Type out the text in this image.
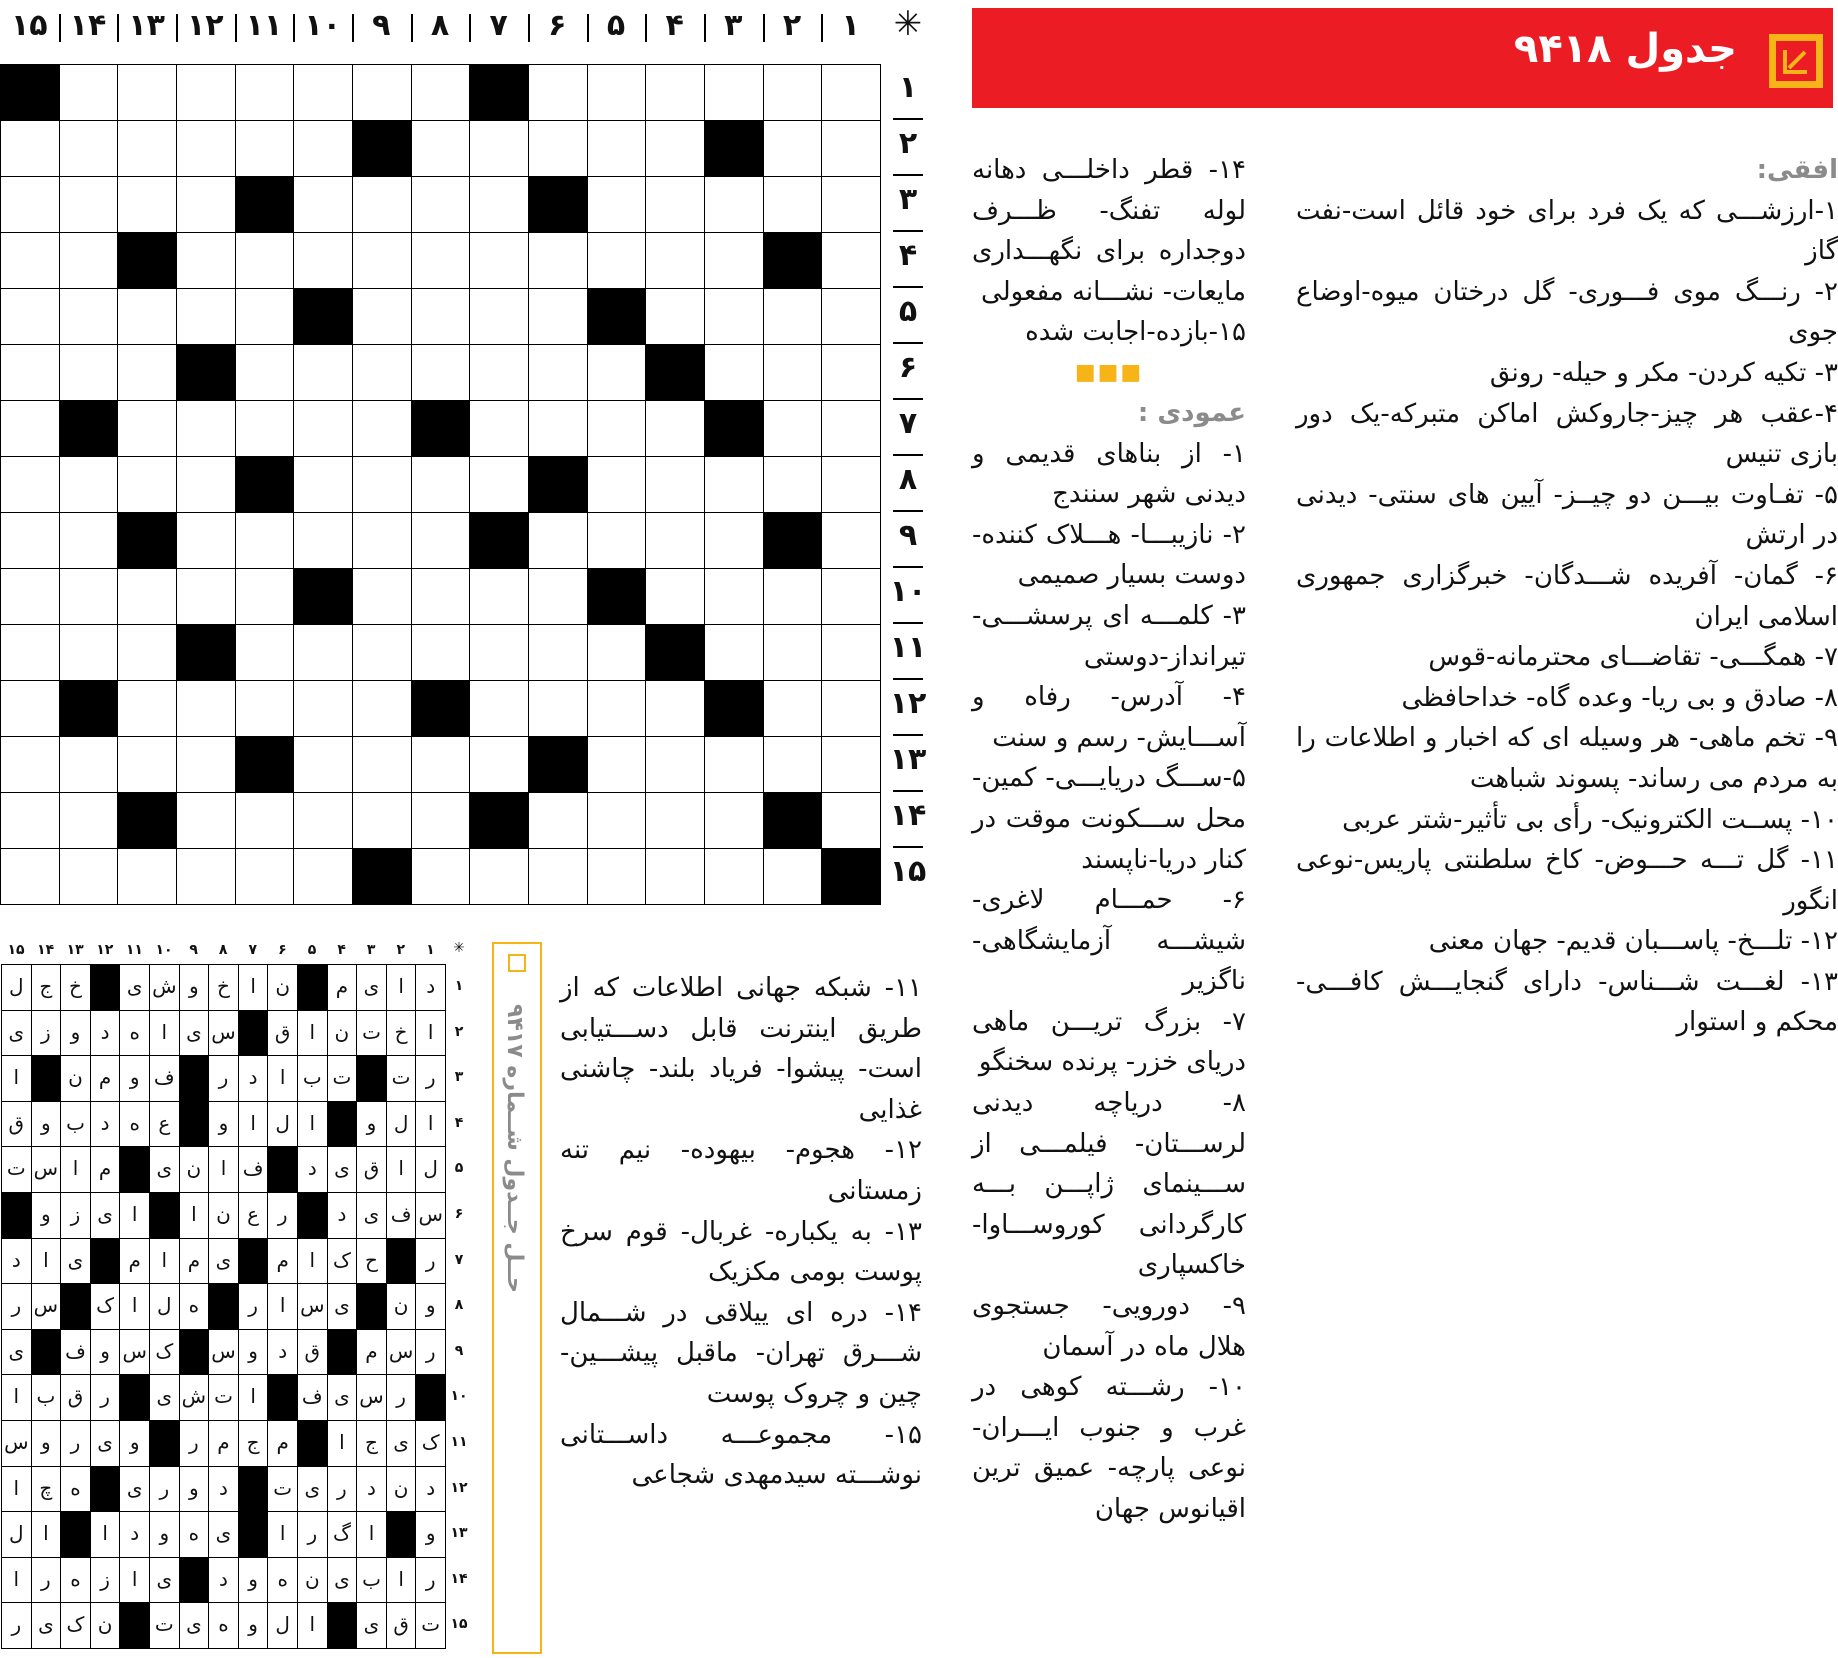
جدول ۹۴۱۸
✳
۱
۲
۳
۴
۵
۶
۷
۸
۹
۱۰
۱۱
۱۲
۱۳
۱۴
۱۵
۱
۲
۳
۴
۵
۶
۷
۸
۹
۱۰
۱۱
۱۲
۱۳
۱۴
۱۵

افقی:

۱-ارزشـــی که یک فرد برای خود قائل است-نفت گاز

۲- رنـــگ موی فـــوری- گل درختان میوه-اوضاع جوی

۳- تکیه کردن- مکر و حیله- رونق

۴-عقب هر چیز-جاروکش اماکن متبرکه-یک دور بازی تنیس

۵- تفـاوت بیـــن دو چیــز- آیین های سنتی- دیدنی در ارتش

۶- گمان- آفریده شـــدگان- خبرگزاری جمهوری اسلامی ایران

۷- همگـــی- تقاضـــای محترمانه-قوس

۸- صادق و بی ریا- وعده گاه- خداحافظی

۹- تخم ماهی- هر وسیله ای که اخبار و اطلاعات را به مردم می رساند- پسوند شباهت

۱۰- پســت الکترونیک- رأی بی تأثیر-شتر عربی

۱۱- گل تـــه حـــوض- کاخ سلطنتی پاریس-نوعی انگور

۱۲- تلـــخ- پاســـبان قدیم- جهان معنی

۱۳- لغـــت شـــناس- دارای گنجایـــش کافـــی- محکم و استوار

۱۴- قطر داخلـــی دهانه لوله تفنگ- ظـــرف دوجداره برای نگهـــداری مایعات- نشـــانه مفعولی

۱۵-بازده-اجابت شده

■■■

عمودی :

۱- از بناهای قدیمی و دیدنی شهر سنندج

۲- نازیبـــا- هـــلاک کننده- دوست بسیار صمیمی

۳- کلمـــه ای پرسشـــی- تیرانداز-دوستی

۴- آدرس- رفاه و آســـایش- رسم و سنت

۵-ســـگ دریایـــی- کمین- محل ســـکونت موقت در کنار دریا-ناپسند

۶- حمـــام لاغری- شیشـــه آزمایشگاهی-ناگزیر

۷- بزرگ تریـــن ماهی دریای خزر- پرنده سخنگو

۸- دریاچه دیدنی لرســـتان- فیلمـــی از ســـینمای ژاپـــن بـــه کارگردانی کوروســـاوا- خاکسپاری

۹- دورویی- جستجوی هلال ماه در آسمان

۱۰- رشـــته کوهی در غرب و جنوب ایـــران- نوعی پارچه- عمیق ترین اقیانوس جهان

۱۱- شبکه جهانی اطلاعات که از طریق اینترنت قابل دســـتیابی است- پیشوا- فریاد بلند- چاشنی غذایی

۱۲- هجوم- بیهوده- نیم تنه زمستانی

۱۳- به یکباره- غربال- قوم سرخ پوست بومی مکزیک

۱۴- دره ای ییلاقی در شـــمال شـــرق تهران- ماقبل پیشـــین- چین و چروک پوست

۱۵- مجموعـــه داســـتانی نوشـــته سیدمهدی شجاعی

حــل جــدول شــماره ۹۴۱۷
۱
۲
۳
۴
۵
۶
۷
۸
۹
۱۰
۱۱
۱۲
۱۳
۱۴
۱۵	✳
۱
۲
۳
۴
۵
۶
۷
۸
۹
۱۰
۱۱
۱۲
۱۳
۱۴
۱۵
د
ا
ی
م
ن
ا
خ
و
ش
ی
خ
ج
ل
ا
خ
ت
ن
ا
ق
س
ی
ا
ه
د
و
ز
ی
ر
ت
ت
ب
ا
د
ر
ف
و
م
ن
ا
ا
ل
و
ا
ل
ا
و
ع
ه
د
ب
و
ق
ل
ا
ق
ی
د
ف
ا
ن
ی
م
ا
س
ت
س
ف
ی
د
ر
ع
ن
ا
ا
ی
ز
و
ر
ح
ک
ا
م
ی
م
ا
م
ی
ا
د
و
ن
ی
س
ا
ر
ه
ل
ا
ک
س
ر
ر
س
م
ق
د
و
س
ک
س
و
ف
ی
ر
س
ی
ف
ا
ت
ش
ی
ر
ق
ب
ا
ک
ی
ج
ا
م
ج
م
ر
و
ی
ر
و
س
د
ن
د
ر
ی
ت
د
و
ر
ی
ه
چ
ا
و
ا
گ
ر
ا
ی
ه
و
د
ا
ا
ل
ر
ا
ب
ی
ن
ه
و
د
ی
ا
ز
ه
ر
ا
ت
ق
ی
ا
ل
و
ه
ی
ت
ن
ک
ی
ر
